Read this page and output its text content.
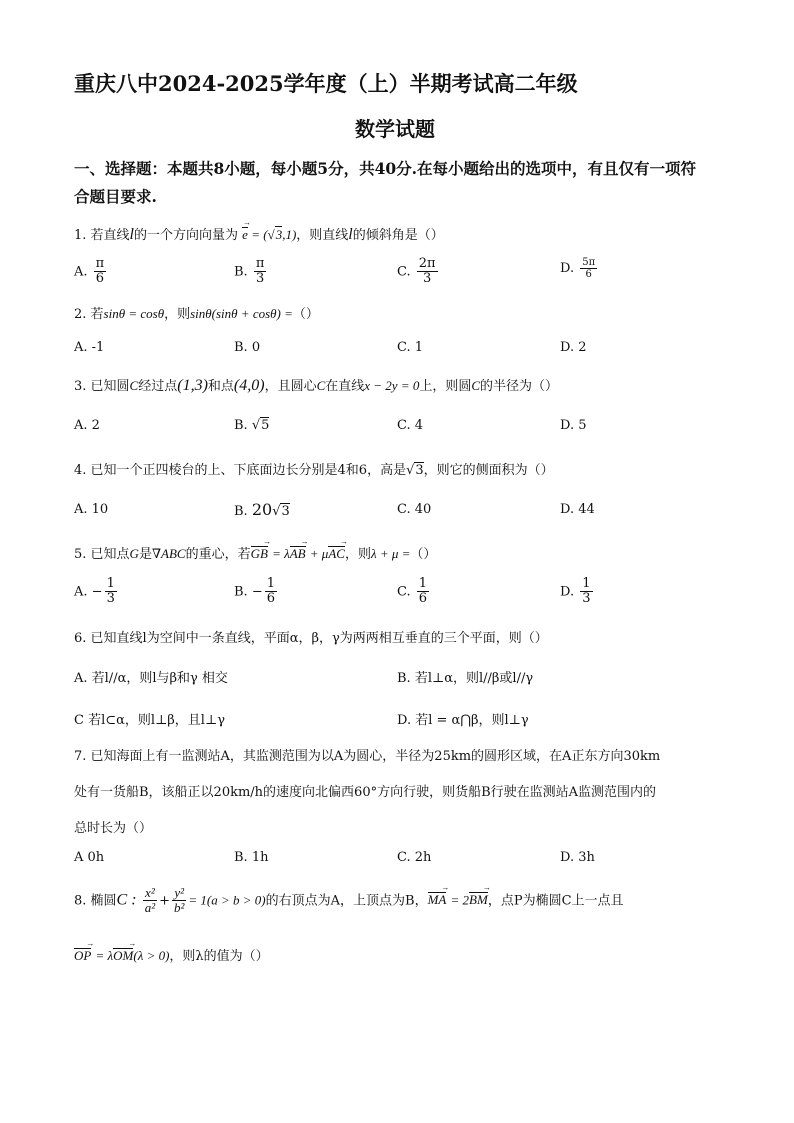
重庆八中2024-2025学年度（上）半期考试高二年级
数学试题
一、选择题：本题共8小题，每小题5分，共40分.在每小题给出的选项中，有且仅有一项符
合题目要求.
1. 若直线l的一个方向向量为 e → = (√3,1)，则直线l的倾斜角是（）
A. $\frac{\pi}{6}$	B. $\frac{\pi}{3}$	C. $\frac{2\pi}{3}$	D. $\frac{5\pi}{6}$
2. 若sinθ = cosθ，则sinθ(sinθ + cosθ) =（）
A. -1	B. 0	C. 1	D. 2
3. 已知圆C经过点(1,3)和点(4,0)，且圆心C在直线x − 2y = 0上，则圆C的半径为（）
A. 2	B. √5	C. 4	D. 5
4. 已知一个正四棱台的上、下底面边长分别是4和6，高是√3，则它的侧面积为（）
A. 10	B. 20√3	C. 40	D. 44
5. 已知点G是∇ABC的重心，若GB → = λAB → + μAC →，则λ + μ =（）
A. − $\frac{1}{3}$	B. − $\frac{1}{6}$	C. $\frac{1}{6}$	D. $\frac{1}{3}$
6. 已知直线l为空间中一条直线，平面α，β，γ为两两相互垂直的三个平面，则（）
A. 若l//α，则l与β和γ 相交	B. 若l⊥α，则l//β或l//γ
C 若l⊂α，则l⊥β，且l⊥γ	D. 若l = α⋂β，则l⊥γ
7. 已知海面上有一监测站A，其监测范围为以A为圆心，半径为25km的圆形区域，在A正东方向30km
处有一货船B，该船正以20km/h的速度向北偏西60°方向行驶，则货船B行驶在监测站A监测范围内的
总时长为（）
A 0h	B. 1h	C. 2h	D. 3h
8. 椭圆C : $\frac{\text{x²}}{\text{a²}} + \frac{\text{y²}}{\text{b²}} = 1(a > b > 0)$的右顶点为A，上顶点为B，MA → = 2BM →，点P为椭圆C上一点且
OP → = λOM →(λ > 0)，则λ的值为（）
